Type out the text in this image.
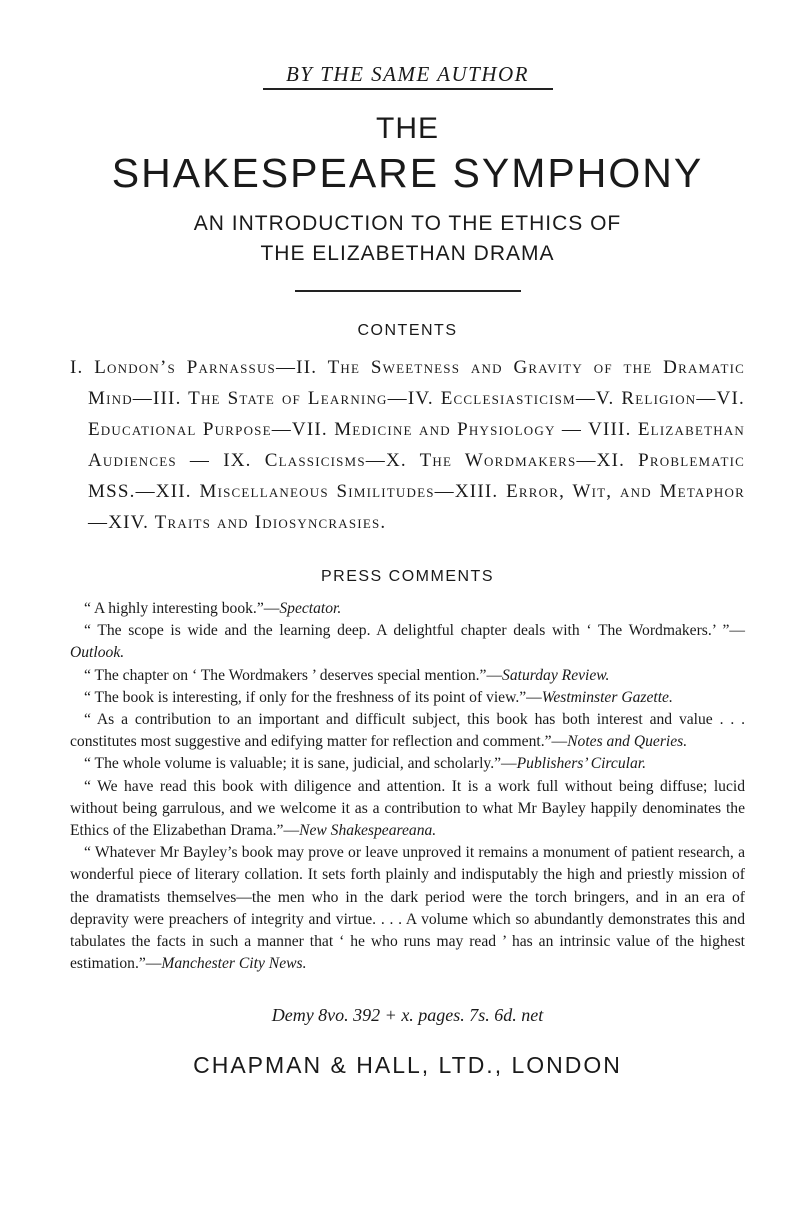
BY THE SAME AUTHOR
THE
SHAKESPEARE SYMPHONY
AN INTRODUCTION TO THE ETHICS OF
THE ELIZABETHAN DRAMA
CONTENTS
I. London’s Parnassus—II. The Sweetness and Gravity of the Dramatic Mind—III. The State of Learning—IV. Ecclesiasticism—V. Religion—VI. Educational Purpose—VII. Medicine and Physiology — VIII. Elizabethan Audiences — IX. Classicisms—X. The Wordmakers—XI. Problematic MSS.—XII. Miscellaneous Similitudes—XIII. Error, Wit, and Metaphor—XIV. Traits and Idiosyncrasies.
PRESS COMMENTS

“ A highly interesting book.”—Spectator.

“ The scope is wide and the learning deep. A delightful chapter deals with ‘ The Wordmakers.’ ”—Outlook.

“ The chapter on ‘ The Wordmakers ’ deserves special mention.”—Saturday Review.

“ The book is interesting, if only for the freshness of its point of view.”—Westminster Gazette.

“ As a contribution to an important and difficult subject, this book has both interest and value . . . constitutes most suggestive and edifying matter for reflection and comment.”—Notes and Queries.

“ The whole volume is valuable; it is sane, judicial, and scholarly.”—Publishers’ Circular.

“ We have read this book with diligence and attention. It is a work full without being diffuse; lucid without being garrulous, and we welcome it as a contribution to what Mr Bayley happily denominates the Ethics of the Elizabethan Drama.”—New Shakespeareana.

“ Whatever Mr Bayley’s book may prove or leave unproved it remains a monument of patient research, a wonderful piece of literary collation. It sets forth plainly and indisputably the high and priestly mission of the dramatists themselves—the men who in the dark period were the torch bringers, and in an era of depravity were preachers of integrity and virtue. . . . A volume which so abundantly demonstrates this and tabulates the facts in such a manner that ‘ he who runs may read ’ has an intrinsic value of the highest estimation.”—Manchester City News.

Demy 8vo. 392 + x. pages. 7s. 6d. net
CHAPMAN & HALL, LTD., LONDON
